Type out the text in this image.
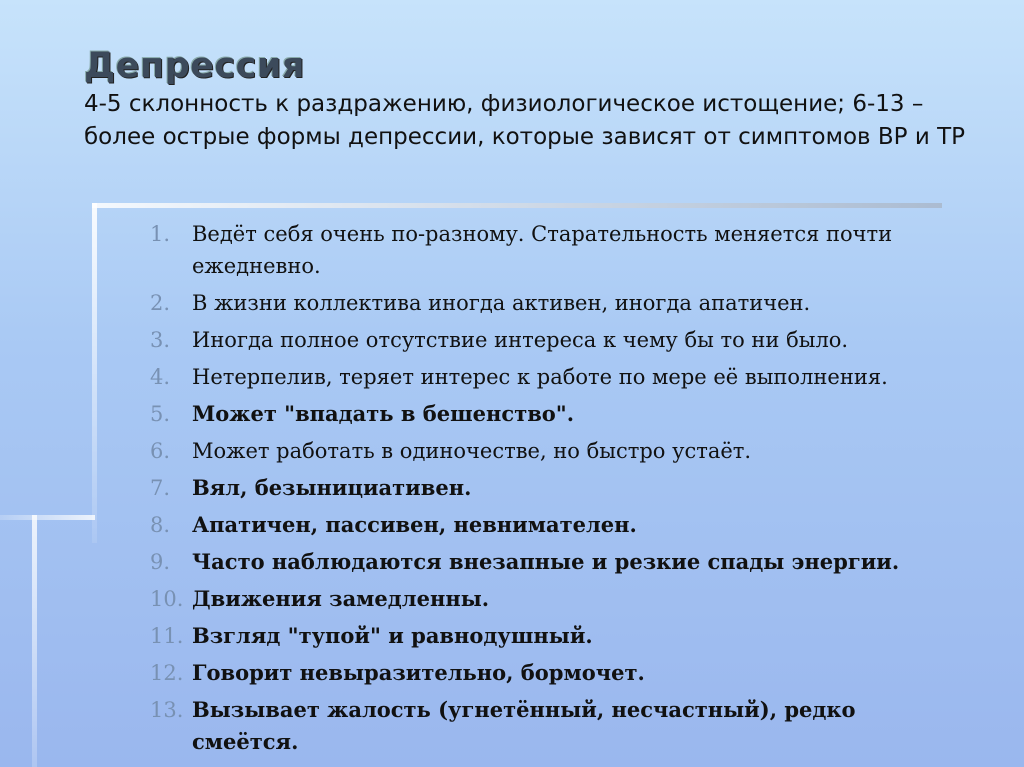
Депрессия
4-5 склонность к раздражению, физиологическое истощение; 6-13 – более острые формы депрессии, которые зависят от симптомов ВР и ТР
1.	Ведёт себя очень по-разному. Старательность меняется почти ежедневно.
2.	В жизни коллектива иногда активен, иногда апатичен.
3.	Иногда полное отсутствие интереса к чему бы то ни было.
4.	Нетерпелив, теряет интерес к работе по мере её выполнения.
5.	Может "впадать в бешенство".
6.	Может работать в одиночестве, но быстро устаёт.
7.	Вял, безынициативен.
8.	Апатичен, пассивен, невнимателен.
9.	Часто наблюдаются внезапные и резкие спады энергии.
10. Движения замедленны.
11. Взгляд "тупой" и равнодушный.
12. Говорит невыразительно, бормочет.
13. Вызывает жалость (угнетённый, несчастный), редко смеётся.
